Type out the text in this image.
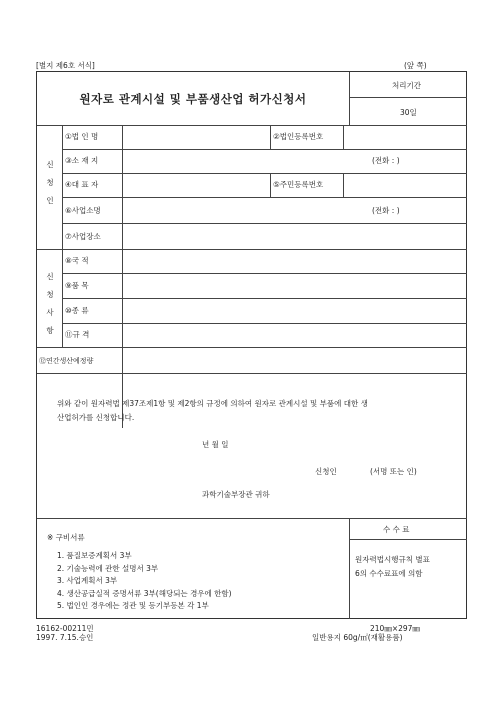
[별지 제6호 서식]	(앞 쪽)
원자로 관계시설 및 부품생산업 허가신청서
처리기간
30일
신
청
인
①법 인 명	②법인등록번호
③소 재 지	(전화 : )
④대 표 자	⑤주민등록번호
⑥사업소명	(전화 : )
⑦사업장소
신
청
사
항
⑧국 적
⑨품 목
⑩종 류
⑪규 격
⑫연간생산예정량
위와 같이 원자력법 제37조제1항 및 제2항의 규정에 의하여 원자로 관계시설 및 부품에 대한 생
산업허가를 신청합니다.
년 월 일
신청인	(서명 또는 인)
과학기술부장관 귀하
※ 구비서류
1. 품질보증계획서 3부
2. 기술능력에 관한 설명서 3부
3. 사업계획서 3부
4. 생산공급실적 증명서류 3부(해당되는 경우에 한함)
5. 법인인 경우에는 정관 및 등기부등본 각 1부
수 수 료
원자력법시행규칙 별표
6의 수수료표에 의함
16162-00211민
1997. 7.15.승인
210㎜×297㎜
일반용지 60g/㎡(재활용품)
